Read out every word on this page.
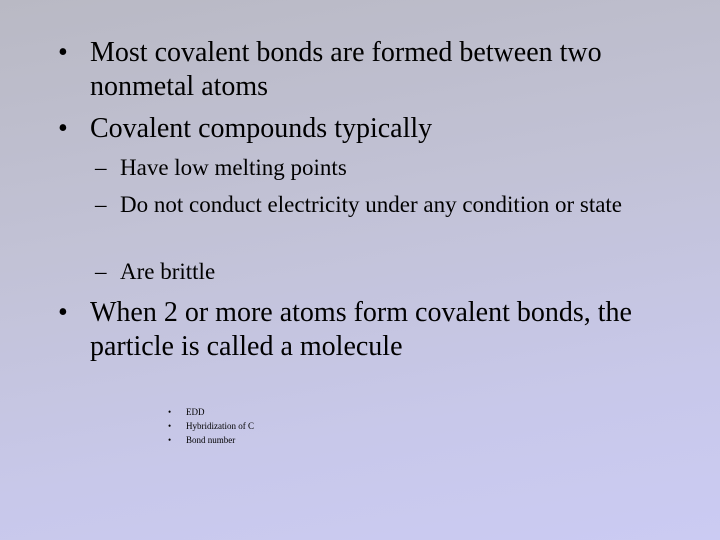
• Most covalent bonds are formed between two nonmetal atoms
• Covalent compounds typically
– Have low melting points
– Do not conduct electricity under any condition or state
– Are brittle
• When 2 or more atoms form covalent bonds, the particle is called a molecule
• EDD
• Hybridization of C
• Bond number
